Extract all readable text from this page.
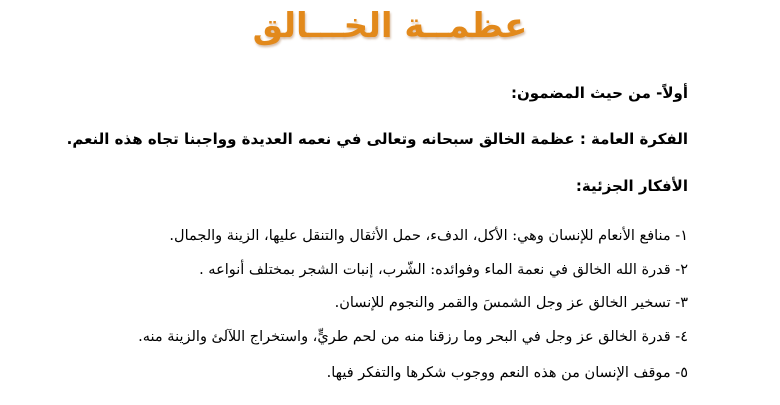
عظمــة الخـــالق
أولاً- من حيث المضمون:
الفكرة العامة : عظمة الخالق سبحانه وتعالى في نعمه العديدة وواجبنا تجاه هذه النعم.
الأفكار الجزئية:
١- منافع الأنعام للإنسان وهي: الأكل، الدفء، حمل الأثقال والتنقل عليها، الزينة والجمال.
٢- قدرة الله الخالق في نعمة الماء وفوائده: الشّرب، إنبات الشجر بمختلف أنواعه .
٣- تسخير الخالق عز وجل الشمسَ والقمر والنجوم للإنسان.
٤- قدرة الخالق عز وجل في البحر وما رزقنا منه من لحم طريٍّ، واستخراج اللآلئ والزينة منه.
٥- موقف الإنسان من هذه النعم ووجوب شكرها والتفكر فيها.
